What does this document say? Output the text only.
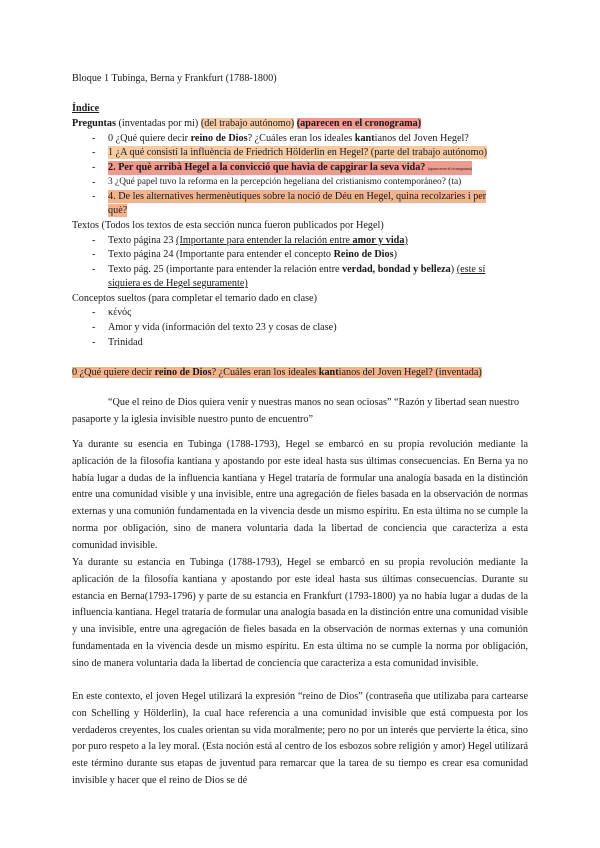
Bloque 1 Tubinga, Berna y Frankfurt (1788-1800)
Índice
Preguntas (inventadas por mi) (del trabajo autónomo) (aparecen en el cronograma)
- 0 ¿Qué quiere decir reino de Dios? ¿Cuáles eran los ideales kantianos del Joven Hegel?
- 1 ¿A qué consistí la influència de Friedrich Hölderlin en Hegel? (parte del trabajo autónomo)
- 2. Per què arribà Hegel a la convicció que havia de capgirar la seva vida? (apareceren el cronograma)
- 3 ¿Qué papel tuvo la reforma en la percepción hegeliana del cristianismo contemporáneo? (ta)
- 4. De les alternatives hermenèutiques sobre la noció de Déu en Hegel, quina recolzaries i per
què?
Textos (Todos los textos de esta sección nunca fueron publicados por Hegel)
- Texto página 23 (Importante para entender la relación entre amor y vida)
- Texto página 24 (Importante para entender el concepto Reino de Dios)
- Texto pág. 25 (importante para entender la relación entre verdad, bondad y belleza) (este sí
siquiera es de Hegel seguramente)
Conceptos sueltos (para completar el temario dado en clase)
- κένός
- Amor y vida (información del texto 23 y cosas de clase)
- Trinidad
0 ¿Qué quiere decir reino de Dios? ¿Cuáles eran los ideales kantianos del Joven Hegel? (inventada)
“Que el reino de Dios quiera venir y nuestras manos no sean ociosas” “Razón y libertad sean nuestro pasaporte y la iglesia invisible nuestro punto de encuentro”
Ya durante su esencia en Tubinga (1788-1793), Hegel se embarcó en su propia revolución mediante la aplicación de la filosofía kantiana y apostando por este ideal hasta sus últimas consecuencias. En Berna ya no había lugar a dudas de la influencia kantiana y Hegel trataría de formular una analogía basada en la distinción entre una comunidad visible y una invisible, entre una agregación de fieles basada en la observación de normas externas y una comunión fundamentada en la vivencia desde un mismo espíritu. En esta última no se cumple la norma por obligación, sino de manera voluntaria dada la libertad de conciencia que caracteriza a esta comunidad invisible.
Ya durante su estancia en Tubinga (1788-1793), Hegel se embarcó en su propia revolución mediante la aplicación de la filosofía kantiana y apostando por este ideal hasta sus últimas consecuencias. Durante su estancia en Berna(1793-1796) y parte de su estancia en Frankfurt (1793-1800) ya no había lugar a dudas de la influencia kantiana. Hegel trataría de formular una analogía basada en la distinción entre una comunidad visible y una invisible, entre una agregación de fieles basada en la observación de normas externas y una comunión fundamentada en la vivencia desde un mismo espíritu. En esta última no se cumple la norma por obligación, sino de manera voluntaria dada la libertad de conciencia que caracteriza a esta comunidad invisible.
En este contexto, el joven Hegel utilizará la expresión “reino de Dios” (contraseña que utilizaba para cartearse con Schelling y Hölderlin), la cual hace referencia a una comunidad invisible que está compuesta por los verdaderos creyentes, los cuales orientan su vida moralmente; pero no por un interés que pervierte la ética, sino por puro respeto a la ley moral. (Esta noción está al centro de los esbozos sobre religión y amor) Hegel utilizará este término durante sus etapas de juventud para remarcar que la tarea de su tiempo es crear esa comunidad invisible y hacer que el reino de Dios se dé
